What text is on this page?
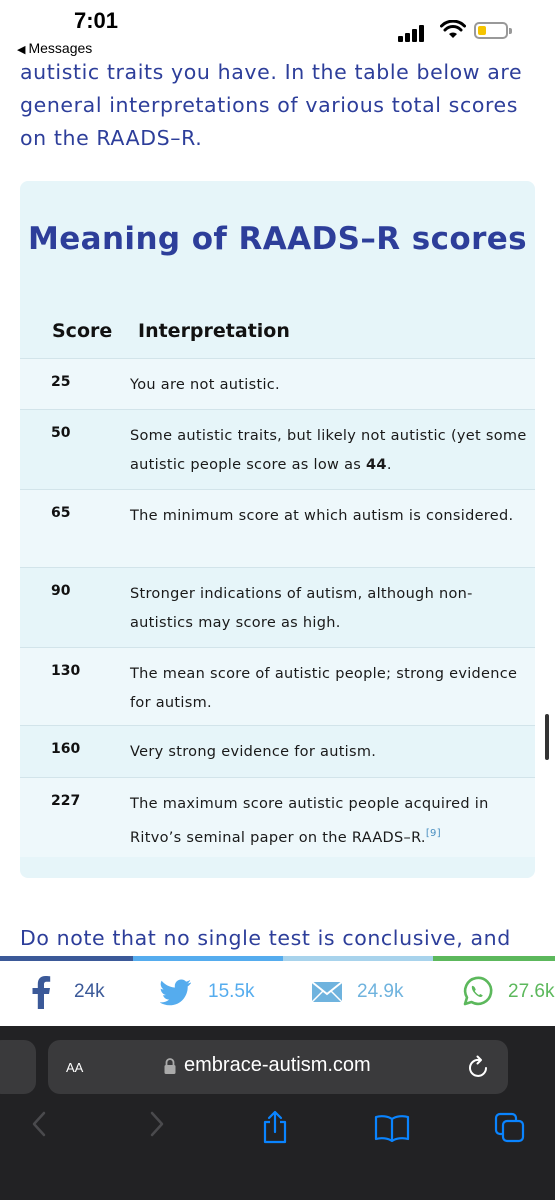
7:01
◀ Messages

autistic traits you have. In the table below are general interpretations of various total scores on the RAADS–R.

Meaning of RAADS–R scores
Score Interpretation
25	You are not autistic.
50	Some autistic traits, but likely not autistic (yet some autistic people score as low as 44.
65	The minimum score at which autism is considered.
90	Stronger indications of autism, although non-autistics may score as high.
130	The mean score of autistic people; strong evidence for autism.
160	Very strong evidence for autism.
227	The maximum score autistic people acquired in Ritvo’s seminal paper on the RAADS–R.[9]

Do note that no single test is conclusive, and

24k	15.5k	24.9k	27.6k
AA	embrace-autism.com
